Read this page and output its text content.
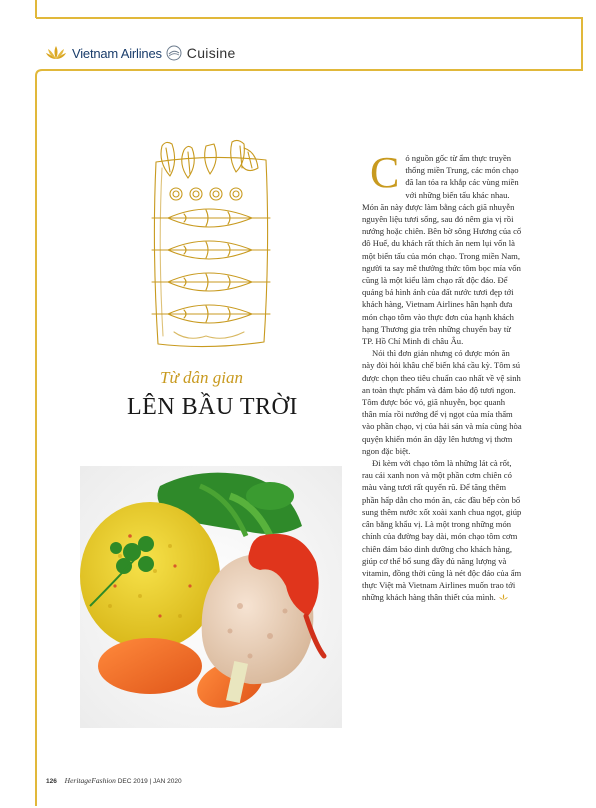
Vietnam Airlines Cuisine
Từ dân gian
LÊN BẦU TRỜI

Có nguồn gốc từ ẩm thực truyền thống miền Trung, các món chạo đã lan tỏa ra khắp các vùng miền với những biến tấu khác nhau. Món ăn này được làm bằng cách giã nhuyễn nguyên liệu tươi sống, sau đó nêm gia vị rồi nướng hoặc chiên. Bên bờ sông Hương của cố đô Huế, du khách rất thích ăn nem lụi vốn là một biến tấu của món chạo. Trong miền Nam, người ta say mê thưởng thức tôm bọc mía vốn cũng là một kiểu làm chạo rất độc đáo. Để quảng bá hình ảnh của đất nước tươi đẹp tới khách hàng, Vietnam Airlines hân hạnh đưa món chạo tôm vào thực đơn của hạnh khách hạng Thương gia trên những chuyến bay từ TP. Hồ Chí Minh đi châu Âu.

Nói thì đơn giản nhưng có được món ăn này đòi hỏi khâu chế biến khá cầu kỳ. Tôm sú được chọn theo tiêu chuẩn cao nhất về vệ sinh an toàn thực phẩm và đảm bảo độ tươi ngon. Tôm được bóc vỏ, giã nhuyễn, bọc quanh thân mía rồi nướng để vị ngọt của mía thấm vào phần chạo, vị của hải sản và mía cùng hòa quyện khiến món ăn dậy lên hương vị thơm ngon đặc biệt.

Đi kèm với chạo tôm là những lát cà rốt, rau cải xanh non và một phần cơm chiên có màu vàng tươi rất quyến rũ. Để tăng thêm phần hấp dẫn cho món ăn, các đầu bếp còn bổ sung thêm nước xốt xoài xanh chua ngọt, giúp cân bằng khẩu vị. Là một trong những món chính của đường bay dài, món chạo tôm cơm chiên đảm bảo dinh dưỡng cho khách hàng, giúp cơ thể bổ sung đầy đủ năng lượng và vitamin, đồng thời cũng là nét độc đáo của ẩm thực Việt mà Vietnam Airlines muốn trao tới những khách hàng thân thiết của mình.

126 HeritageFashion DEC 2019 | JAN 2020
